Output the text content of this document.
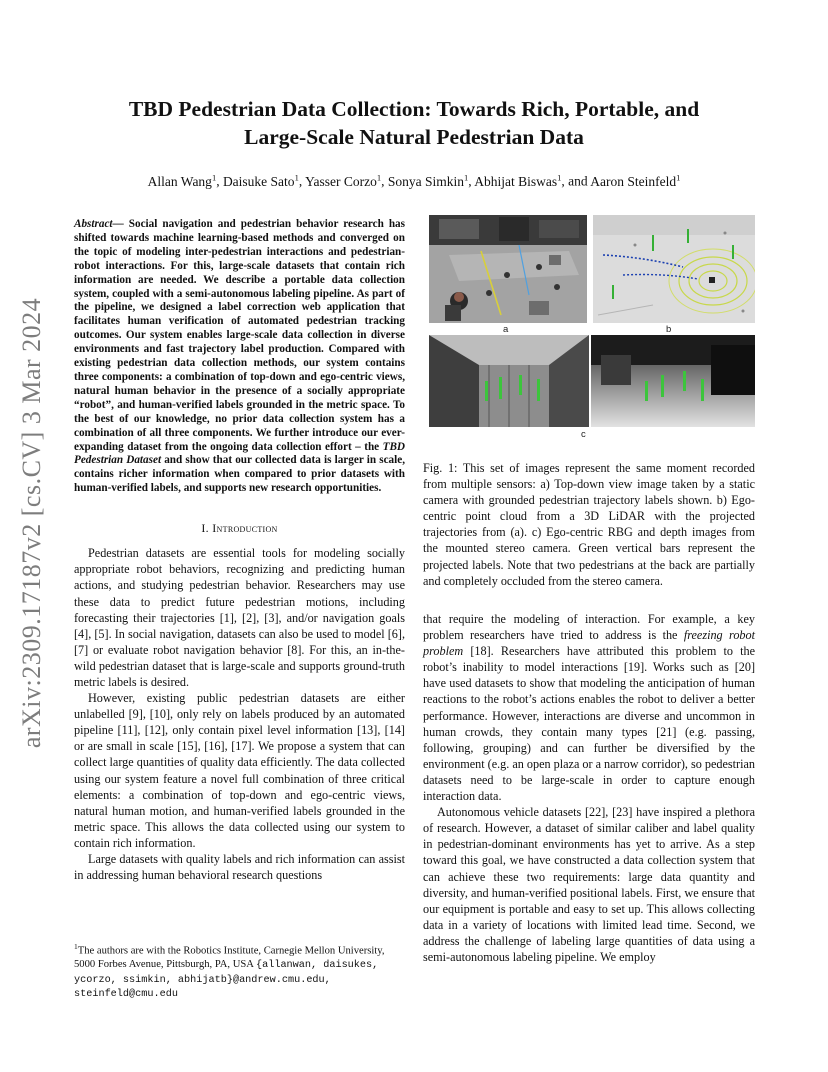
arXiv:2309.17187v2 [cs.CV] 3 Mar 2024
TBD Pedestrian Data Collection: Towards Rich, Portable, and
Large-Scale Natural Pedestrian Data
Allan Wang$^1$, Daisuke Sato$^1$, Yasser Corzo$^1$, Sonya Simkin$^1$, Abhijat Biswas$^1$, and Aaron Steinfeld$^1$

Abstract— Social navigation and pedestrian behavior research has shifted towards machine learning-based methods and converged on the topic of modeling inter-pedestrian interactions and pedestrian-robot interactions. For this, large-scale datasets that contain rich information are needed. We describe a portable data collection system, coupled with a semi-autonomous labeling pipeline. As part of the pipeline, we designed a label correction web application that facilitates human verification of automated pedestrian tracking outcomes. Our system enables large-scale data collection in diverse environments and fast trajectory label production. Compared with existing pedestrian data collection methods, our system contains three components: a combination of top-down and ego-centric views, natural human behavior in the presence of a socially appropriate “robot”, and human-verified labels grounded in the metric space. To the best of our knowledge, no prior data collection system has a combination of all three components. We further introduce our ever-expanding dataset from the ongoing data collection effort – the TBD Pedestrian Dataset and show that our collected data is larger in scale, contains richer information when compared to prior datasets with human-verified labels, and supports new research opportunities.

I. Introduction

Pedestrian datasets are essential tools for modeling socially appropriate robot behaviors, recognizing and predicting human actions, and studying pedestrian behavior. Researchers may use these data to predict future pedestrian motions, including forecasting their trajectories [1], [2], [3], and/or navigation goals [4], [5]. In social navigation, datasets can also be used to model [6], [7] or evaluate robot navigation behavior [8]. For this, an in-the-wild pedestrian dataset that is large-scale and supports ground-truth metric labels is desired.

However, existing public pedestrian datasets are either unlabelled [9], [10], only rely on labels produced by an automated pipeline [11], [12], only contain pixel level information [13], [14] or are small in scale [15], [16], [17]. We propose a system that can collect large quantities of quality data efficiently. The data collected using our system feature a novel full combination of three critical elements: a combination of top-down and ego-centric views, natural human motion, and human-verified labels grounded in the metric space. This allows the data collected using our system to contain rich information.

Large datasets with quality labels and rich information can assist in addressing human behavioral research questions

$^1$The authors are with the Robotics Institute, Carnegie Mellon University, 5000 Forbes Avenue, Pittsburgh, PA, USA {allanwan, daisukes, ycorzo, ssimkin, abhijatb}@andrew.cmu.edu, steinfeld@cmu.edu
a	b
c
Fig. 1: This set of images represent the same moment recorded from multiple sensors: a) Top-down view image taken by a static camera with grounded pedestrian trajectory labels shown. b) Ego-centric point cloud from a 3D LiDAR with the projected trajectories from (a). c) Ego-centric RBG and depth images from the mounted stereo camera. Green vertical bars represent the projected labels. Note that two pedestrians at the back are partially and completely occluded from the stereo camera.

that require the modeling of interaction. For example, a key problem researchers have tried to address is the freezing robot problem [18]. Researchers have attributed this problem to the robot’s inability to model interactions [19]. Works such as [20] have used datasets to show that modeling the anticipation of human reactions to the robot’s actions enables the robot to deliver a better performance. However, interactions are diverse and uncommon in human crowds, they contain many types [21] (e.g. passing, following, grouping) and can further be diversified by the environment (e.g. an open plaza or a narrow corridor), so pedestrian datasets need to be large-scale in order to capture enough interaction data.

Autonomous vehicle datasets [22], [23] have inspired a plethora of research. However, a dataset of similar caliber and label quality in pedestrian-dominant environments has yet to arrive. As a step toward this goal, we have constructed a data collection system that can achieve these two requirements: large data quantity and diversity, and human-verified positional labels. First, we ensure that our equipment is portable and easy to set up. This allows collecting data in a variety of locations with limited lead time. Second, we address the challenge of labeling large quantities of data using a semi-autonomous labeling pipeline. We employ
